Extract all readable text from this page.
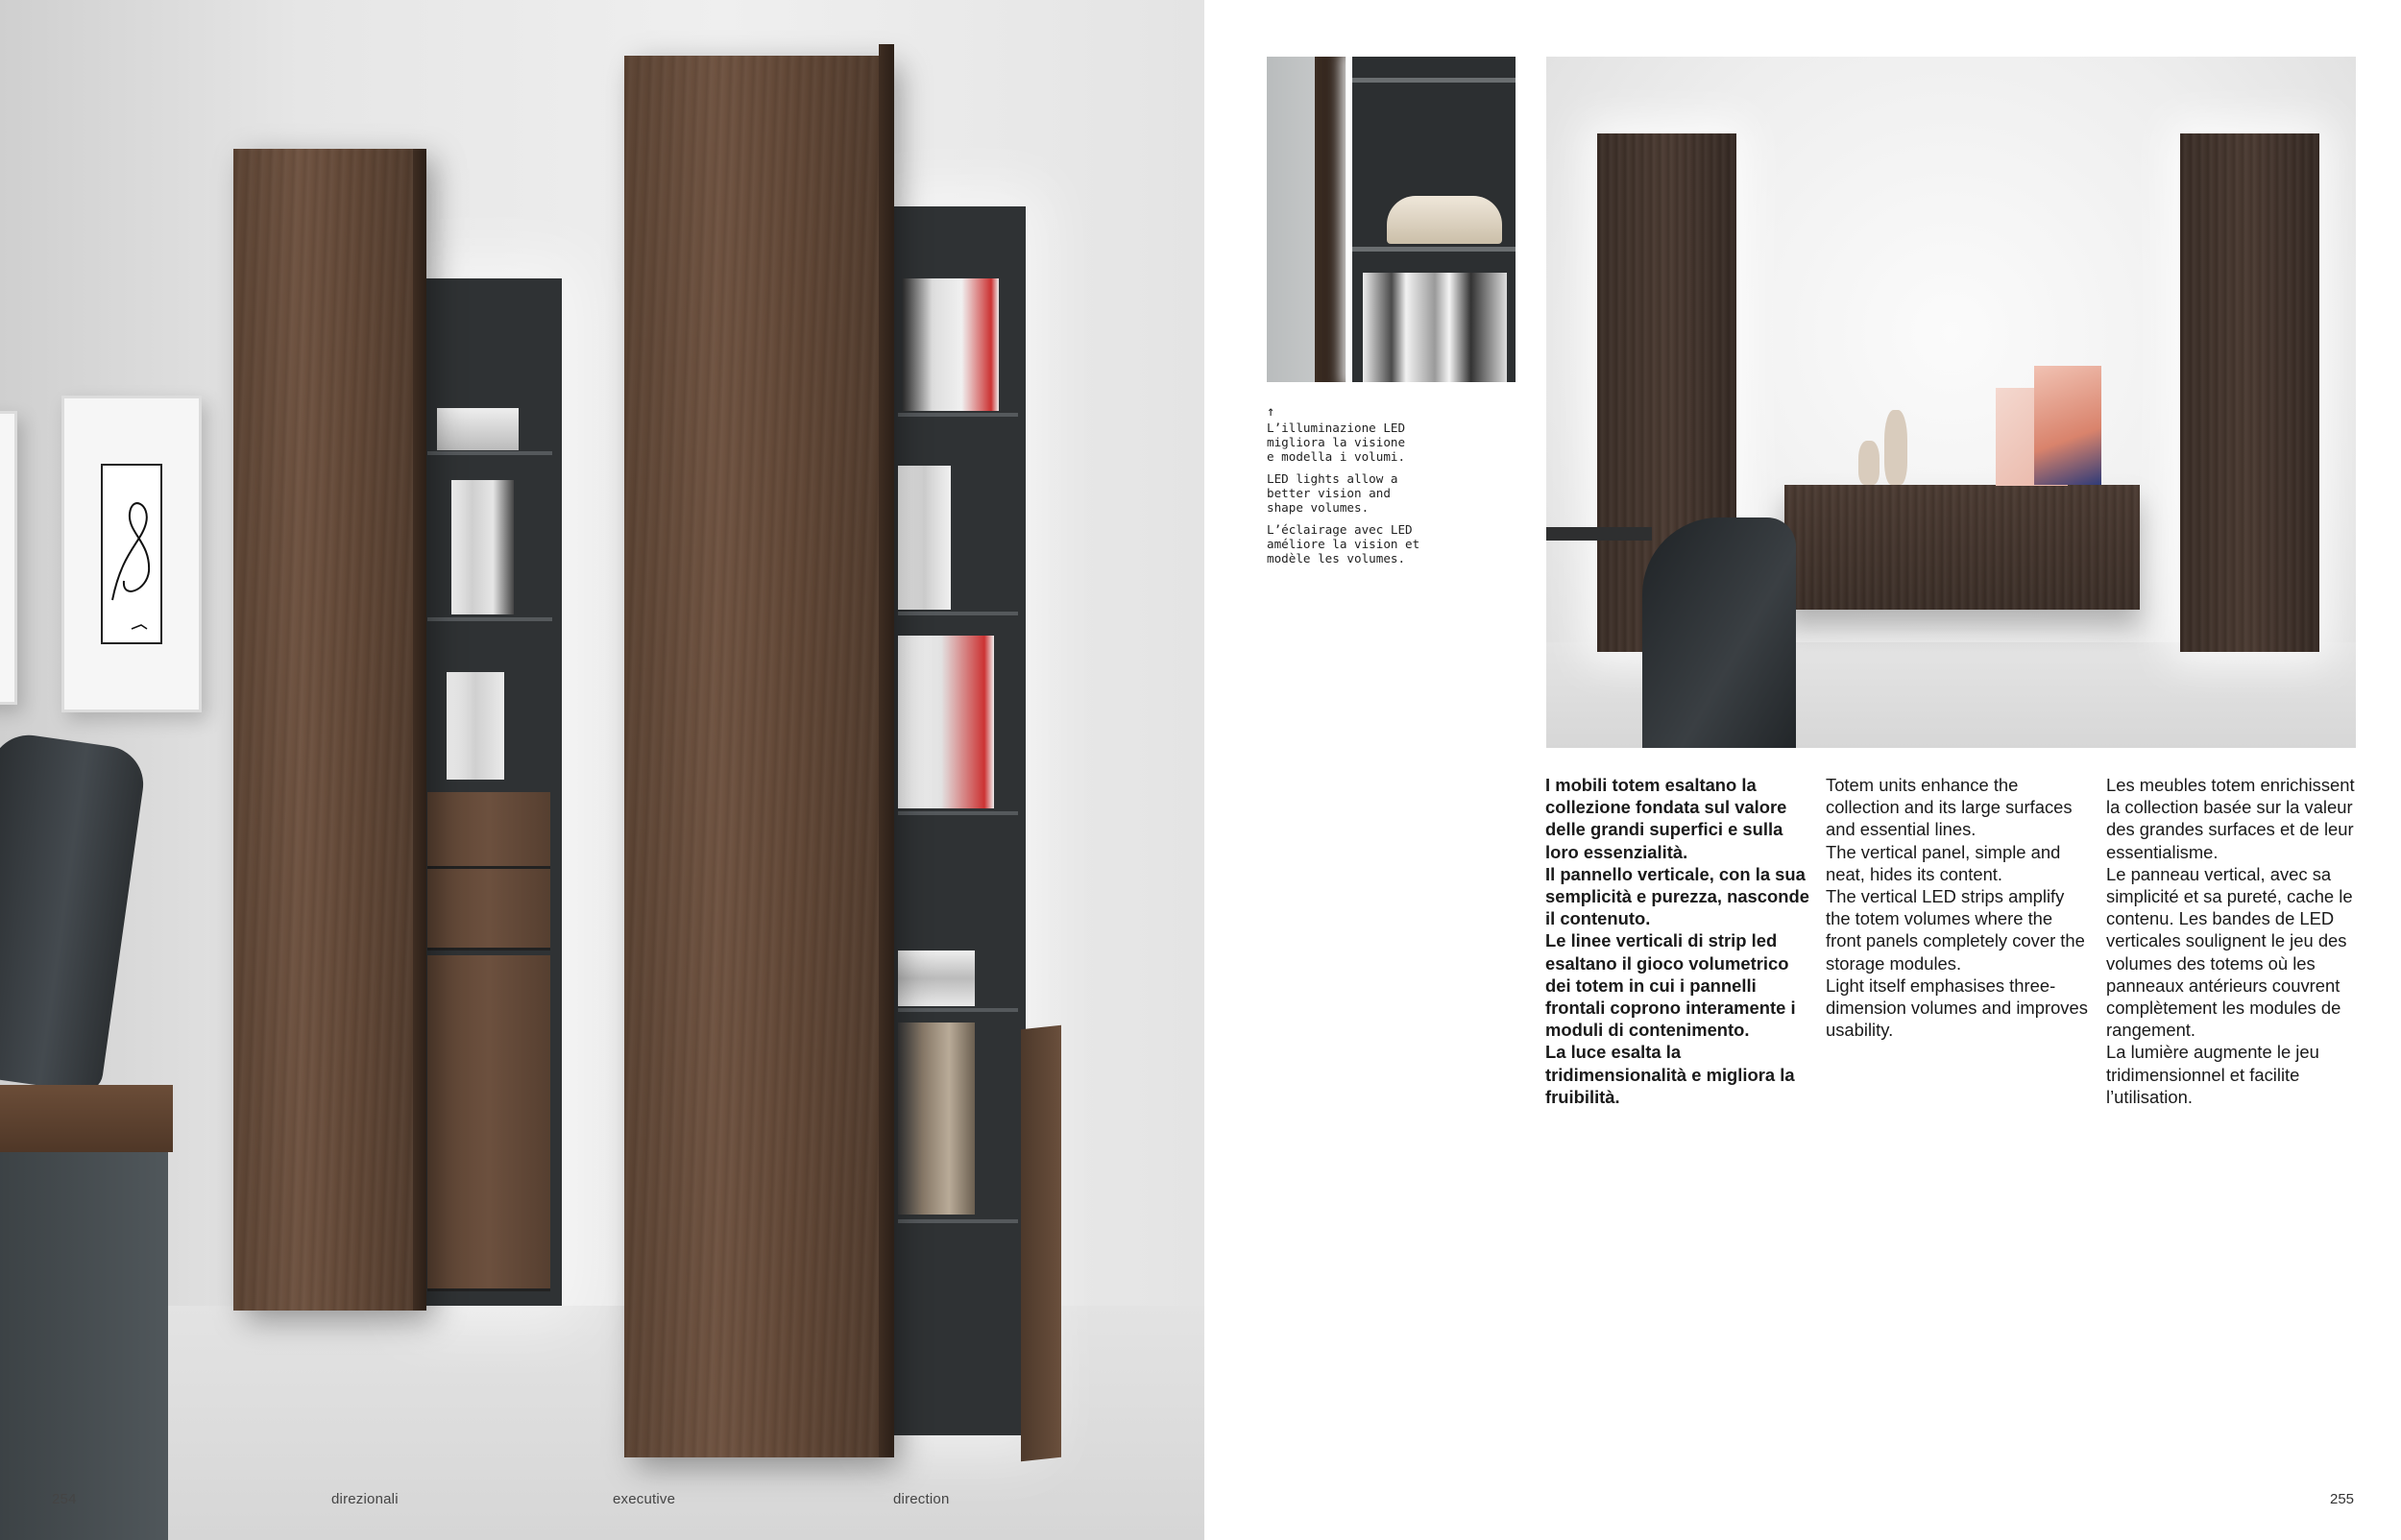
254	direzionali	executive	direction
↑

L’illuminazione LED
migliora la visione
e modella i volumi.

LED lights allow a
better vision and
shape volumes.

L’éclairage avec LED
améliore la vision et
modèle les volumes.

I mobili totem esaltano la collezione fondata sul valore delle grandi superfici e sulla loro essenzialità.

Il pannello verticale, con la sua semplicità e purezza, nasconde il contenuto.

Le linee verticali di strip led esaltano il gioco volumetrico dei totem in cui i pannelli frontali coprono interamente i moduli di contenimento.

La luce esalta la tridimensionalità e migliora la fruibilità.

Totem units enhance the collection and its large surfaces and essential lines.

The vertical panel, simple and neat, hides its content.

The vertical LED strips amplify the totem volumes where the front panels completely cover the storage modules.

Light itself emphasises three-dimension volumes and improves usability.

Les meubles totem enrichissent la collection basée sur la valeur des grandes surfaces et de leur essentialisme.

Le panneau vertical, avec sa simplicité et sa pureté, cache le contenu. Les bandes de LED verticales soulignent le jeu des volumes des totems où les panneaux antérieurs couvrent complètement les modules de rangement.

La lumière augmente le jeu tridimensionnel et facilite l’utilisation.

255
